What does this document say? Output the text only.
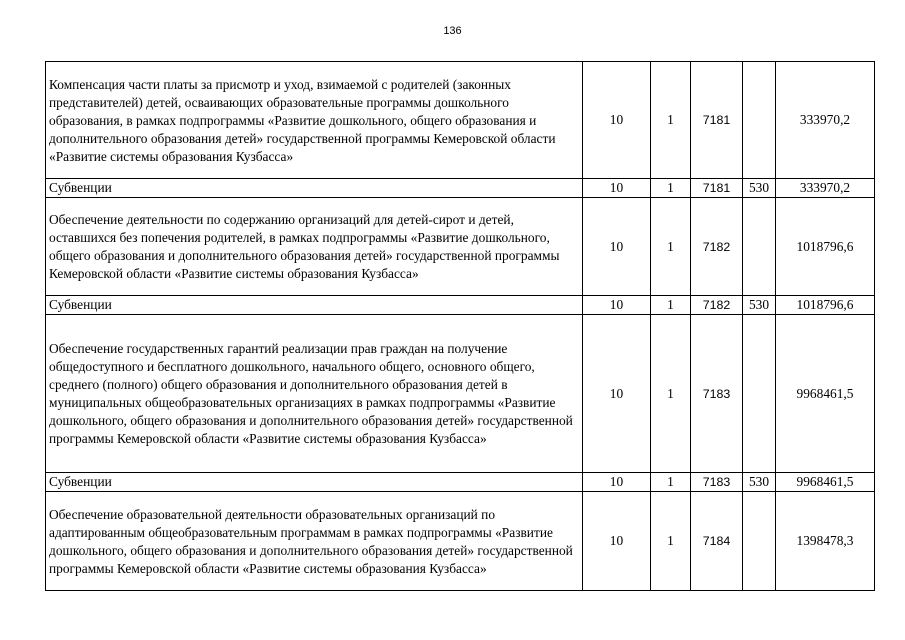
136
Компенсация части платы за присмотр и уход, взимаемой с родителей (законных представителей) детей, осваивающих образовательные программы дошкольного образования, в рамках подпрограммы «Развитие дошкольного, общего образования и дополнительного образования детей» государственной программы Кемеровской области «Развитие системы образования Кузбасса»	10	1	7181		333970,2
Субвенции	10	1	7181	530	333970,2
Обеспечение деятельности по содержанию организаций для детей-сирот и детей, оставшихся без попечения родителей, в рамках подпрограммы «Развитие дошкольного, общего образования и дополнительного образования детей» государственной программы Кемеровской области «Развитие системы образования Кузбасса»	10	1	7182		1018796,6
Субвенции	10	1	7182	530	1018796,6
Обеспечение государственных гарантий реализации прав граждан на получение общедоступного и бесплатного дошкольного, начального общего, основного общего, среднего (полного) общего образования и дополнительного образования детей в муниципальных общеобразовательных организациях в рамках подпрограммы «Развитие дошкольного, общего образования и дополнительного образования детей» государственной программы Кемеровской области «Развитие системы образования Кузбасса»	10	1	7183		9968461,5
Субвенции	10	1	7183	530	9968461,5
Обеспечение образовательной деятельности образовательных организаций по адаптированным общеобразовательным программам в рамках подпрограммы «Развитие дошкольного, общего образования и дополнительного образования детей» государственной программы Кемеровской области «Развитие системы образования Кузбасса»	10	1	7184		1398478,3
